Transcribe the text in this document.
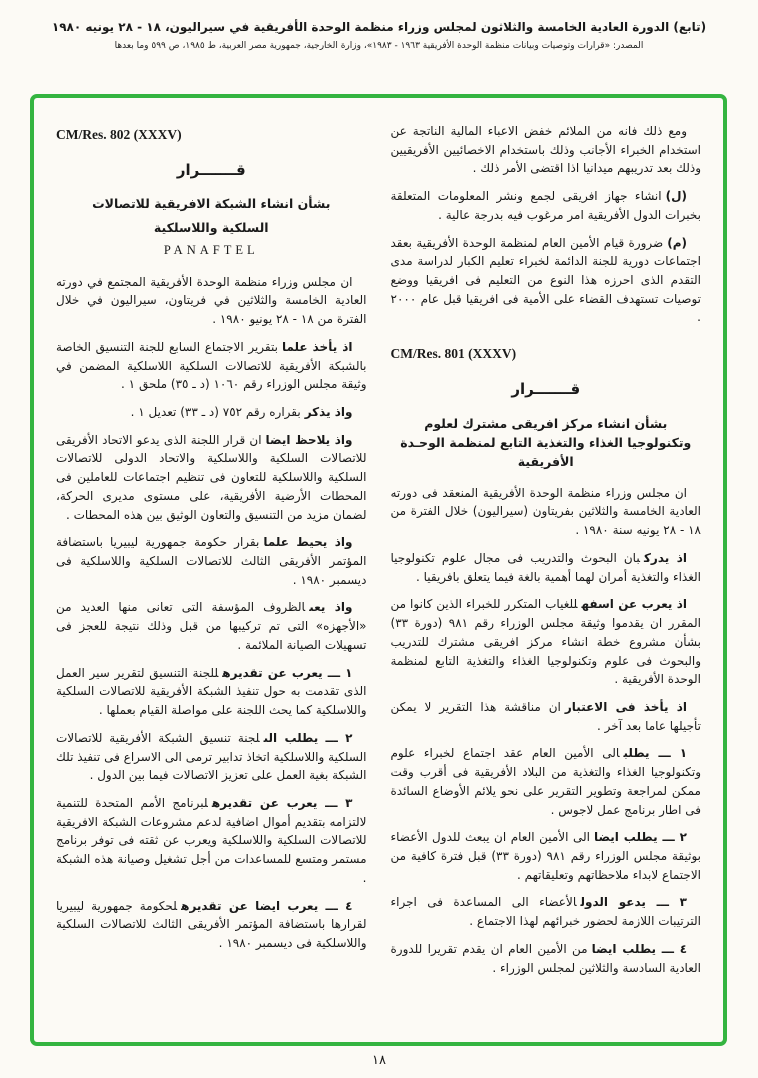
(تابع) الدورة العادية الخامسة والثلاثون لمجلس وزراء منظمة الوحدة الأفريقية في سيراليون، ١٨ - ٢٨ يونيه ١٩٨٠
المصدر: «قرارات وتوصيات وبيانات منظمة الوحدة الأفريقية ١٩٦٣ - ١٩٨٣»، وزارة الخارجية، جمهورية مصر العربية، ط ١٩٨٥، ص ٥٩٩ وما بعدها

ومع ذلك فانه من الملائم خفض الاعباء المالية الناتجة عن استخدام الخبراء الأجانب وذلك باستخدام الاخصائيين الأفريقيين وذلك بعد تدريبهم ميدانيا اذا اقتضى الأمر ذلك .

(ل)انشاء جهاز افريقى لجمع ونشر المعلومات المتعلقة بخبرات الدول الأفريقية امر مرغوب فيه بدرجة عالية .

(م)ضرورة قيام الأمين العام لمنظمة الوحدة الأفريقية بعقد اجتماعات دورية للجنة الدائمة لخبراء تعليم الكبار لدراسة مدى التقدم الذى احرزه هذا النوع من التعليم فى افريقيا ووضع توصيات تستهدف القضاء على الأمية فى افريقيا قبل عام ٢٠٠٠ .

CM/Res. 801 (XXXV)
قـــــــرار
بشأن انشاء مركز افريقى مشترك لعلوم وتكنولوجيا الغذاء والتغذية التابع لمنظمة الوحـدة الأفريقية

ان مجلس وزراء منظمة الوحدة الأفريقية المنعقد فى دورته العادية الخامسة والثلاثين بفريتاون (سيراليون) خلال الفترة من ١٨ - ٢٨ يونيه سنة ١٩٨٠ .

اذ يدركبان البحوث والتدريب فى مجال علوم تكنولوجيا الغذاء والتغذية أمران لهما أهمية بالغة فيما يتعلق بافريقيا .

اذ يعرب عن اسفهللغياب المتكرر للخبراء الذين كانوا من المقرر ان يقدموا وثيقة مجلس الوزراء رقم ٩٨١ (دورة ٣٣) بشأن مشروع خطة انشاء مركز افريقى مشترك للتدريب والبحوث فى علوم وتكنولوجيا الغذاء والتغذية التابع لمنظمة الوحدة الأفريقية .

اذ يأخذ فى الاعتباران مناقشة هذا التقرير لا يمكن تأجيلها عاما بعد آخر .

١ ـــ يطلبالى الأمين العام عقد اجتماع لخبراء علوم وتكنولوجيا الغذاء والتغذية من البلاد الأفريقية فى أقرب وقت ممكن لمراجعة وتطوير التقرير على نحو يلائم الأوضاع السائدة فى اطار برنامج عمل لاجوس .

٢ ـــ يطلب ايضاالى الأمين العام ان يبعث للدول الأعضاء بوثيقة مجلس الوزراء رقم ٩٨١ (دورة ٣٣) قبل فترة كافية من الاجتماع لابداء ملاحظاتهم وتعليقاتهم .

٣ ـــ يدعو الدولالأعضاء الى المساعدة فى اجراء الترتيبات اللازمة لحضور خبرائهم لهذا الاجتماع .

٤ ـــ يطلب ايضامن الأمين العام ان يقدم تقريرا للدورة العادية السادسة والثلاثين لمجلس الوزراء .

CM/Res. 802 (XXXV)
قـــــــرار
بشأن انشاء الشبكة الافريقية للاتصالات
السلكية واللاسلكية
PANAFTEL

ان مجلس وزراء منظمة الوحدة الأفريقية المجتمع في دورته العادية الخامسة والثلاثين في فريتاون، سيراليون في خلال الفترة من ١٨ - ٢٨ يونيو ١٩٨٠ .

اذ يأخذ علمابتقرير الاجتماع السابع للجنة التنسيق الخاصة بالشبكة الأفريقية للاتصالات السلكية اللاسلكية المضمن في وثيقة مجلس الوزراء رقم ١٠٦٠ (د ـ ٣٥) ملحق ١ .

واذ يذكربقراره رقم ٧٥٢ (د ـ ٣٣) تعديل ١ .

واذ يلاحظ ايضاان قرار اللجنة الذى يدعو الاتحاد الأفريقى للاتصالات السلكية واللاسلكية والاتحاد الدولى للاتصالات السلكية واللاسلكية للتعاون فى تنظيم اجتماعات للعاملين فى المحطات الأرضية الأفريقية، على مستوى مديرى الحركة، لضمان مزيد من التنسيق والتعاون الوثيق بين هذه المحطات .

واذ يحيط علمابقرار حكومة جمهورية ليبيريا باستضافة المؤتمر الأفريقى الثالث للاتصالات السلكية واللاسلكية فى ديسمبر ١٩٨٠ .

واذ يعىالظروف المؤسفة التى تعانى منها العديد من «الأجهزه» التى تم تركيبها من قبل وذلك نتيجة للعجز فى تسهيلات الصيانة الملائمة .

١ ـــ يعرب عن تقديرهللجنة التنسيق لتقرير سير العمل الذى تقدمت به حول تنفيذ الشبكة الأفريقية للاتصالات السلكية واللاسلكية كما يحث اللجنة على مواصلة القيام بعملها .

٢ ـــ يطلب الىلجنة تنسيق الشبكة الأفريقية للاتصالات السلكية واللاسلكية اتخاذ تدابير ترمى الى الاسراع فى تنفيذ تلك الشبكة بغية العمل على تعزيز الاتصالات فيما بين الدول .

٣ ـــ يعرب عن تقديرهلبرنامج الأمم المتحدة للتنمية لالتزامه بتقديم أموال اضافية لدعم مشروعات الشبكة الافريقية للاتصالات السلكية واللاسلكية ويعرب عن ثقته فى توفر برنامج مستمر ومتسع للمساعدات من أجل تشغيل وصيانة هذه الشبكة .

٤ ـــ يعرب ايضا عن تقديرهلحكومة جمهورية ليبيريا لقرارها باستضافة المؤتمر الأفريقى الثالث للاتصالات السلكية واللاسلكية فى ديسمبر ١٩٨٠ .

١٨
